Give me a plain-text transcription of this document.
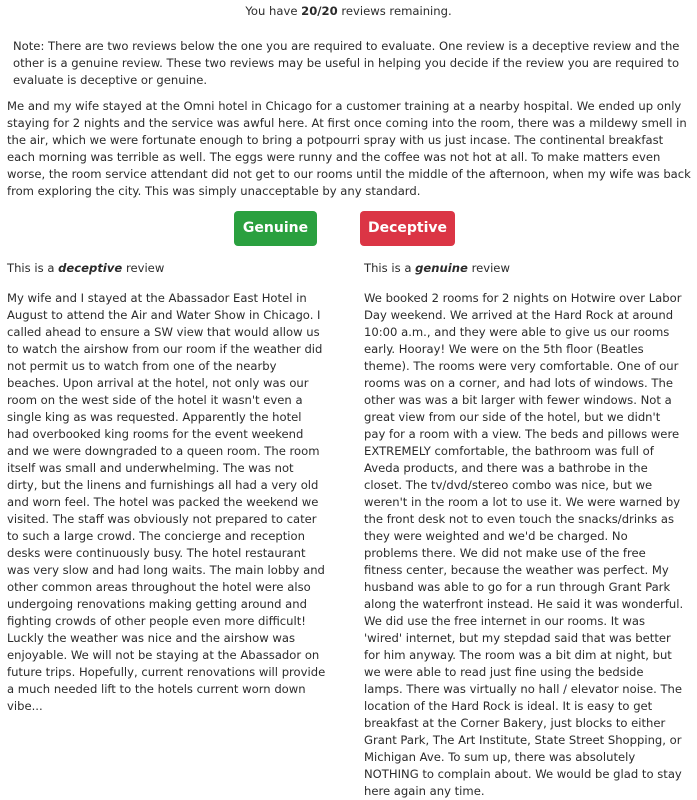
You have 20/20 reviews remaining.
Note: There are two reviews below the one you are required to evaluate. One review is a deceptive review and the other is a genuine review. These two reviews may be useful in helping you decide if the review you are required to evaluate is deceptive or genuine.
Me and my wife stayed at the Omni hotel in Chicago for a customer training at a nearby hospital. We ended up only staying for 2 nights and the service was awful here. At first once coming into the room, there was a mildewy smell in the air, which we were fortunate enough to bring a potpourri spray with us just incase. The continental breakfast each morning was terrible as well. The eggs were runny and the coffee was not hot at all. To make matters even worse, the room service attendant did not get to our rooms until the middle of the afternoon, when my wife was back from exploring the city. This was simply unacceptable by any standard.
Genuine	Deceptive
This is a deceptive review	This is a genuine review
My wife and I stayed at the Abassador East Hotel in August to attend the Air and Water Show in Chicago. I called ahead to ensure a SW view that would allow us to watch the airshow from our room if the weather did not permit us to watch from one of the nearby beaches. Upon arrival at the hotel, not only was our room on the west side of the hotel it wasn't even a single king as was requested. Apparently the hotel had overbooked king rooms for the event weekend and we were downgraded to a queen room. The room itself was small and underwhelming. The was not dirty, but the linens and furnishings all had a very old and worn feel. The hotel was packed the weekend we visited. The staff was obviously not prepared to cater to such a large crowd. The concierge and reception desks were continuously busy. The hotel restaurant was very slow and had long waits. The main lobby and other common areas throughout the hotel were also undergoing renovations making getting around and fighting crowds of other people even more difficult! Luckly the weather was nice and the airshow was enjoyable. We will not be staying at the Abassador on future trips. Hopefully, current renovations will provide a much needed lift to the hotels current worn down vibe...
We booked 2 rooms for 2 nights on Hotwire over Labor Day weekend. We arrived at the Hard Rock at around 10:00 a.m., and they were able to give us our rooms early. Hooray! We were on the 5th floor (Beatles theme). The rooms were very comfortable. One of our rooms was on a corner, and had lots of windows. The other was was a bit larger with fewer windows. Not a great view from our side of the hotel, but we didn't pay for a room with a view. The beds and pillows were EXTREMELY comfortable, the bathroom was full of Aveda products, and there was a bathrobe in the closet. The tv/dvd/stereo combo was nice, but we weren't in the room a lot to use it. We were warned by the front desk not to even touch the snacks/drinks as they were weighted and we'd be charged. No problems there. We did not make use of the free fitness center, because the weather was perfect. My husband was able to go for a run through Grant Park along the waterfront instead. He said it was wonderful. We did use the free internet in our rooms. It was 'wired' internet, but my stepdad said that was better for him anyway. The room was a bit dim at night, but we were able to read just fine using the bedside lamps. There was virtually no hall / elevator noise. The location of the Hard Rock is ideal. It is easy to get breakfast at the Corner Bakery, just blocks to either Grant Park, The Art Institute, State Street Shopping, or Michigan Ave. To sum up, there was absolutely NOTHING to complain about. We would be glad to stay here again any time.
